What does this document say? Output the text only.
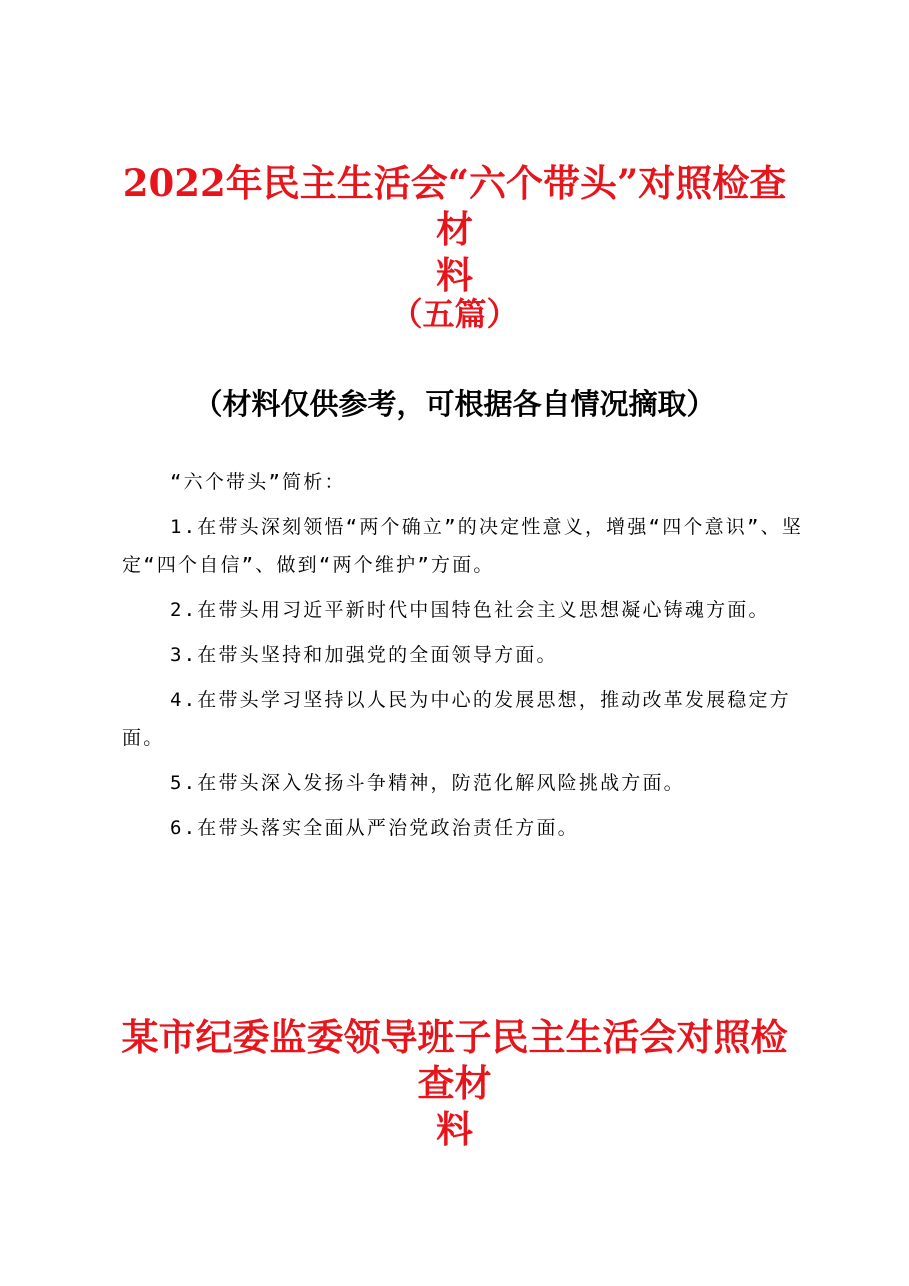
2022年民主生活会“六个带头”对照检查材
料
（五篇）
（材料仅供参考，可根据各自情况摘取）

“六个带头”简析：

1.在带头深刻领悟“两个确立”的决定性意义，增强“四个意识”、坚定“四个自信”、做到“两个维护”方面。

2.在带头用习近平新时代中国特色社会主义思想凝心铸魂方面。

3.在带头坚持和加强党的全面领导方面。

4.在带头学习坚持以人民为中心的发展思想，推动改革发展稳定方面。

5.在带头深入发扬斗争精神，防范化解风险挑战方面。

6.在带头落实全面从严治党政治责任方面。

某市纪委监委领导班子民主生活会对照检查材
料
